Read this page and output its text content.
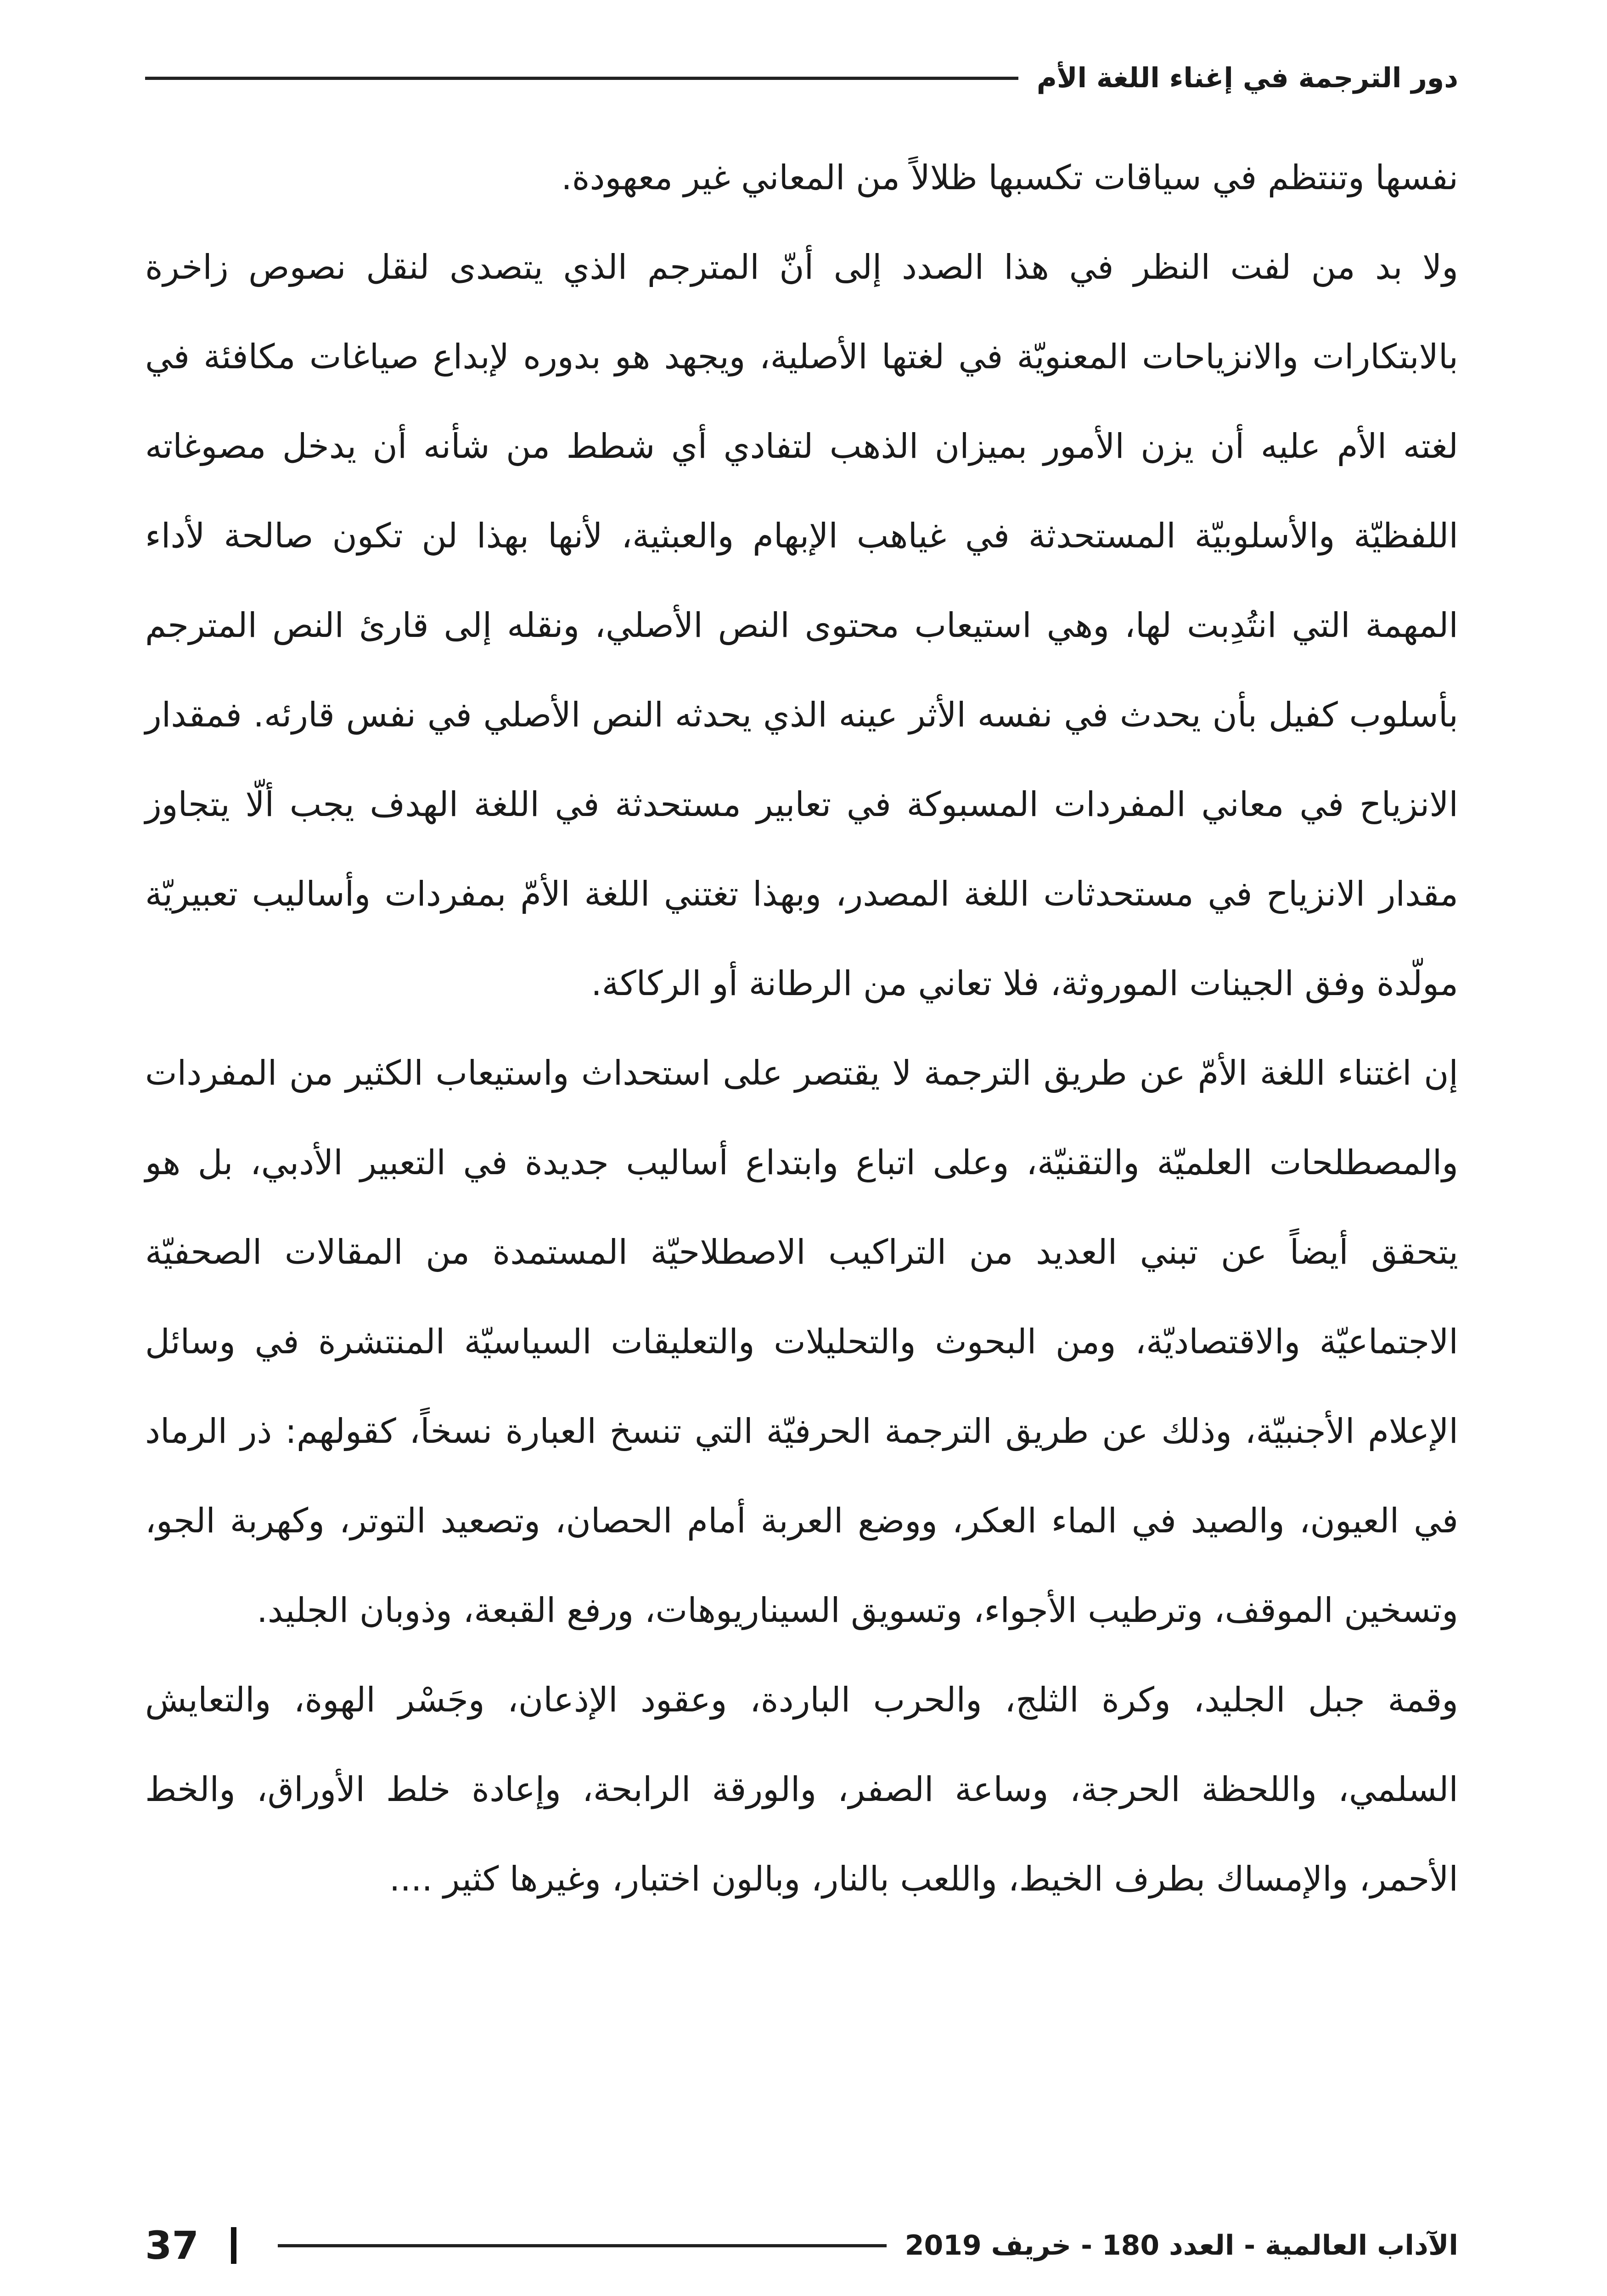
دور الترجمة في إغناء اللغة الأم

نفسها وتنتظم في سياقات تكسبها ظلالاً من المعاني غير معهودة.

ولا بد من لفت النظر في هذا الصدد إلى أنّ المترجم الذي يتصدى لنقل نصوص زاخرة بالابتكارات والانزياحات المعنويّة في لغتها الأصلية، ويجهد هو بدوره لإبداع صياغات مكافئة في لغته الأم عليه أن يزن الأمور بميزان الذهب لتفادي أي شطط من شأنه أن يدخل مصوغاته اللفظيّة والأسلوبيّة المستحدثة في غياهب الإبهام والعبثية، لأنها بهذا لن تكون صالحة لأداء المهمة التي انتُدِبت لها، وهي استيعاب محتوى النص الأصلي، ونقله إلى قارئ النص المترجم بأسلوب كفيل بأن يحدث في نفسه الأثر عينه الذي يحدثه النص الأصلي في نفس قارئه. فمقدار الانزياح في معاني المفردات المسبوكة في تعابير مستحدثة في اللغة الهدف يجب ألّا يتجاوز مقدار الانزياح في مستحدثات اللغة المصدر، وبهذا تغتني اللغة الأمّ بمفردات وأساليب تعبيريّة مولّدة وفق الجينات الموروثة، فلا تعاني من الرطانة أو الركاكة.

إن اغتناء اللغة الأمّ عن طريق الترجمة لا يقتصر على استحداث واستيعاب الكثير من المفردات والمصطلحات العلميّة والتقنيّة، وعلى اتباع وابتداع أساليب جديدة في التعبير الأدبي، بل هو يتحقق أيضاً عن تبني العديد من التراكيب الاصطلاحيّة المستمدة من المقالات الصحفيّة الاجتماعيّة والاقتصاديّة، ومن البحوث والتحليلات والتعليقات السياسيّة المنتشرة في وسائل الإعلام الأجنبيّة، وذلك عن طريق الترجمة الحرفيّة التي تنسخ العبارة نسخاً، كقولهم: ذر الرماد في العيون، والصيد في الماء العكر، ووضع العربة أمام الحصان، وتصعيد التوتر، وكهربة الجو، وتسخين الموقف، وترطيب الأجواء، وتسويق السيناريوهات، ورفع القبعة، وذوبان الجليد.

وقمة جبل الجليد، وكرة الثلج، والحرب الباردة، وعقود الإذعان، وجَسْر الهوة، والتعايش السلمي، واللحظة الحرجة، وساعة الصفر، والورقة الرابحة، وإعادة خلط الأوراق، والخط الأحمر، والإمساك بطرف الخيط، واللعب بالنار، وبالون اختبار، وغيرها كثير ....

الآداب العالمية - العدد 180 - خريف 2019
37
